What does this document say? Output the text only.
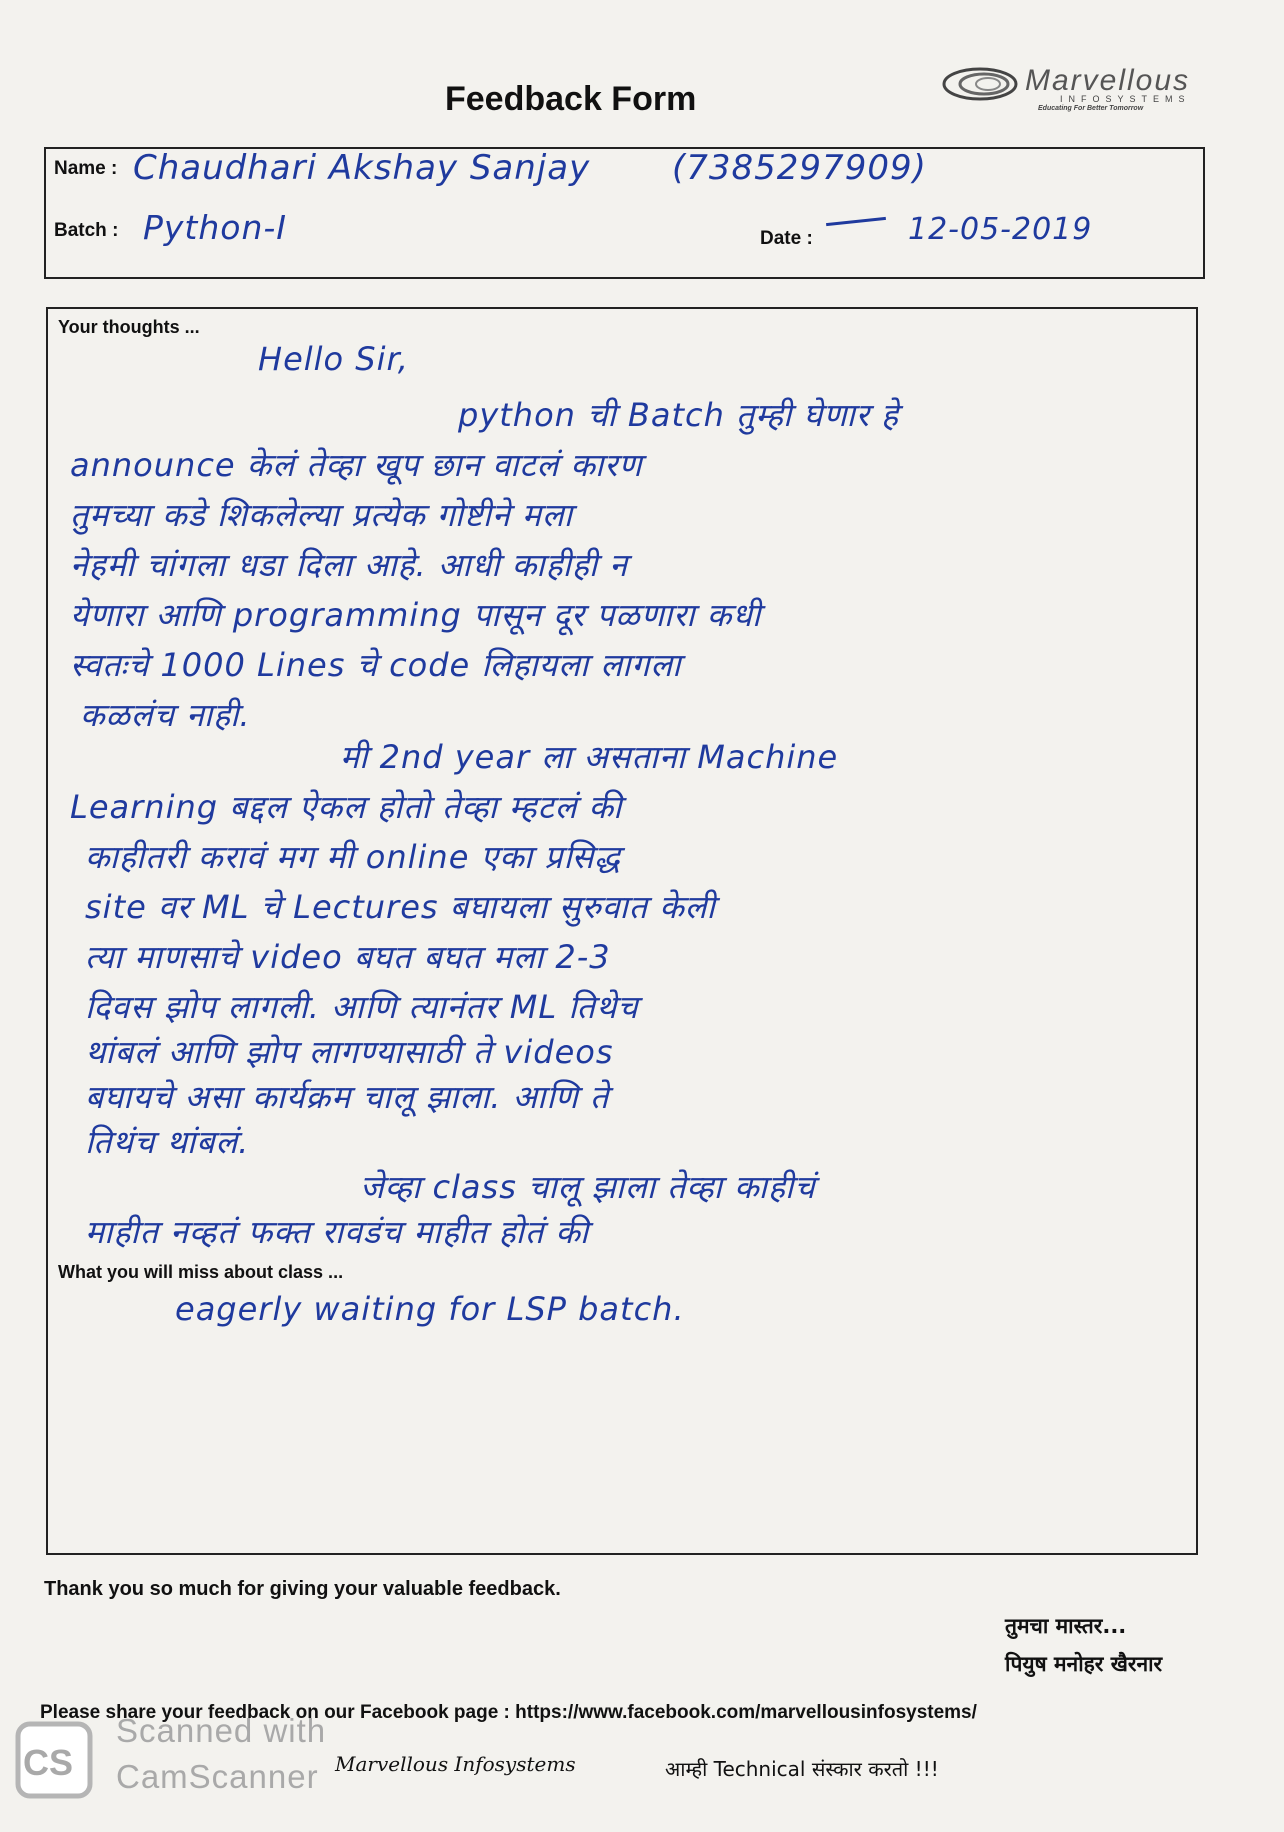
Marvellous
INFOSYSTEMS
Educating For Better Tomorrow
Feedback Form
Name : Chaudhari Akshay Sanjay (7385297909)
Batch : Python-I	Date :	12-05-2019
Your thoughts ...
Hello Sir,
python ची Batch तुम्ही घेणार हे
announce केलं तेव्हा खूप छान वाटलं कारण
तुमच्या कडे शिकलेल्या प्रत्येक गोष्टीने मला
नेहमी चांगला धडा दिला आहे. आधी काहीही न
येणारा आणि programming पासून दूर पळणारा कधी
स्वतःचे 1000 Lines चे code लिहायला लागला
कळलंच नाही.
मी 2nd year ला असताना Machine
Learning बद्दल ऐकल होतो तेव्हा म्हटलं की
काहीतरी करावं मग मी online एका प्रसिद्ध
site वर ML चे Lectures बघायला सुरुवात केली
त्या माणसाचे video बघत बघत मला 2-3
दिवस झोप लागली. आणि त्यानंतर ML तिथेच
थांबलं आणि झोप लागण्यासाठी ते videos
बघायचे असा कार्यक्रम चालू झाला. आणि ते
तिथंच थांबलं.
जेव्हा class चालू झाला तेव्हा काहीचं
माहीत नव्हतं फक्त रावडंच माहीत होतं की
What you will miss about class ...
eagerly waiting for LSP batch.
Thank you so much for giving your valuable feedback.
तुमचा मास्तर...
पियुष मनोहर खैरनार
Please share your feedback on our Facebook page : https://www.facebook.com/marvellousinfosystems/
CS
Scanned with
CamScanner Marvellous Infosystems	आम्ही Technical संस्कार करतो !!!
